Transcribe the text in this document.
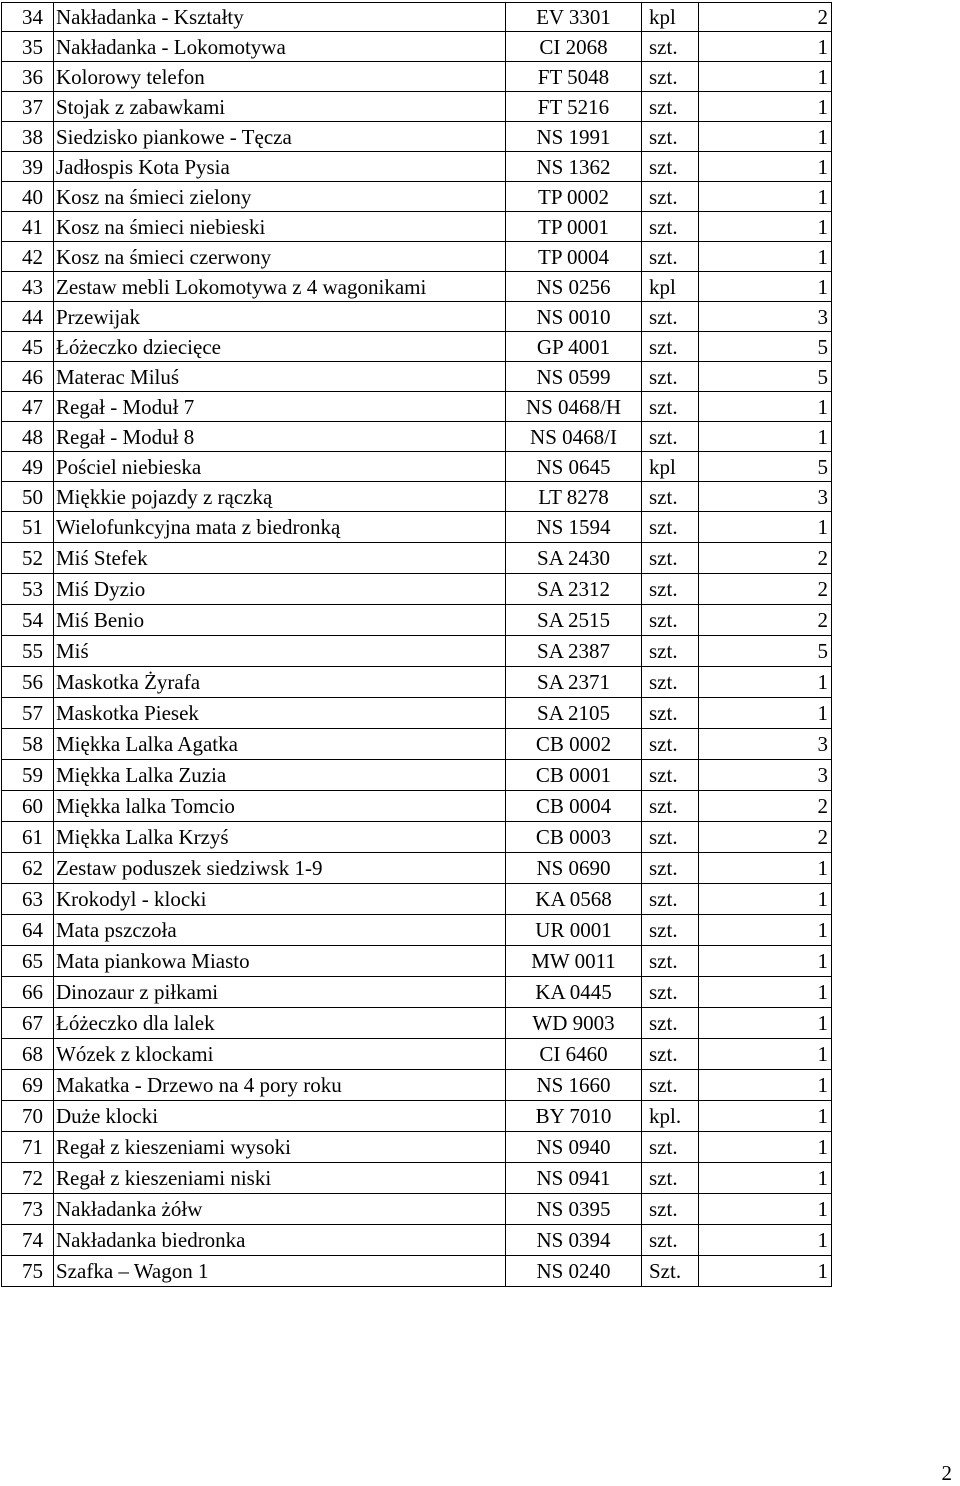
34	Nakładanka - Kształty	EV 3301	kpl	2
35	Nakładanka - Lokomotywa	CI 2068	szt.	1
36	Kolorowy telefon	FT 5048	szt.	1
37	Stojak z zabawkami	FT 5216	szt.	1
38	Siedzisko piankowe - Tęcza	NS 1991	szt.	1
39	Jadłospis Kota Pysia	NS 1362	szt.	1
40	Kosz na śmieci zielony	TP 0002	szt.	1
41	Kosz na śmieci niebieski	TP 0001	szt.	1
42	Kosz na śmieci czerwony	TP 0004	szt.	1
43	Zestaw mebli Lokomotywa z 4 wagonikami	NS 0256	kpl	1
44	Przewijak	NS 0010	szt.	3
45	Łóżeczko dziecięce	GP 4001	szt.	5
46	Materac Miluś	NS 0599	szt.	5
47	Regał - Moduł 7	NS 0468/H	szt.	1
48	Regał - Moduł 8	NS 0468/I	szt.	1
49	Pościel niebieska	NS 0645	kpl	5
50	Miękkie pojazdy z rączką	LT 8278	szt.	3
51	Wielofunkcyjna mata z biedronką	NS 1594	szt.	1
52	Miś Stefek	SA 2430	szt.	2
53	Miś Dyzio	SA 2312	szt.	2
54	Miś Benio	SA 2515	szt.	2
55	Miś	SA 2387	szt.	5
56	Maskotka Żyrafa	SA 2371	szt.	1
57	Maskotka Piesek	SA 2105	szt.	1
58	Miękka Lalka Agatka	CB 0002	szt.	3
59	Miękka Lalka Zuzia	CB 0001	szt.	3
60	Miękka lalka Tomcio	CB 0004	szt.	2
61	Miękka Lalka Krzyś	CB 0003	szt.	2
62	Zestaw poduszek siedziwsk 1-9	NS 0690	szt.	1
63	Krokodyl - klocki	KA 0568	szt.	1
64	Mata pszczoła	UR 0001	szt.	1
65	Mata piankowa Miasto	MW 0011	szt.	1
66	Dinozaur z piłkami	KA 0445	szt.	1
67	Łóżeczko dla lalek	WD 9003	szt.	1
68	Wózek z klockami	CI 6460	szt.	1
69	Makatka - Drzewo na 4 pory roku	NS 1660	szt.	1
70	Duże klocki	BY 7010	kpl.	1
71	Regał z kieszeniami wysoki	NS 0940	szt.	1
72	Regał z kieszeniami niski	NS 0941	szt.	1
73	Nakładanka żółw	NS 0395	szt.	1
74	Nakładanka biedronka	NS 0394	szt.	1
75	Szafka – Wagon 1	NS 0240	Szt.	1
2
